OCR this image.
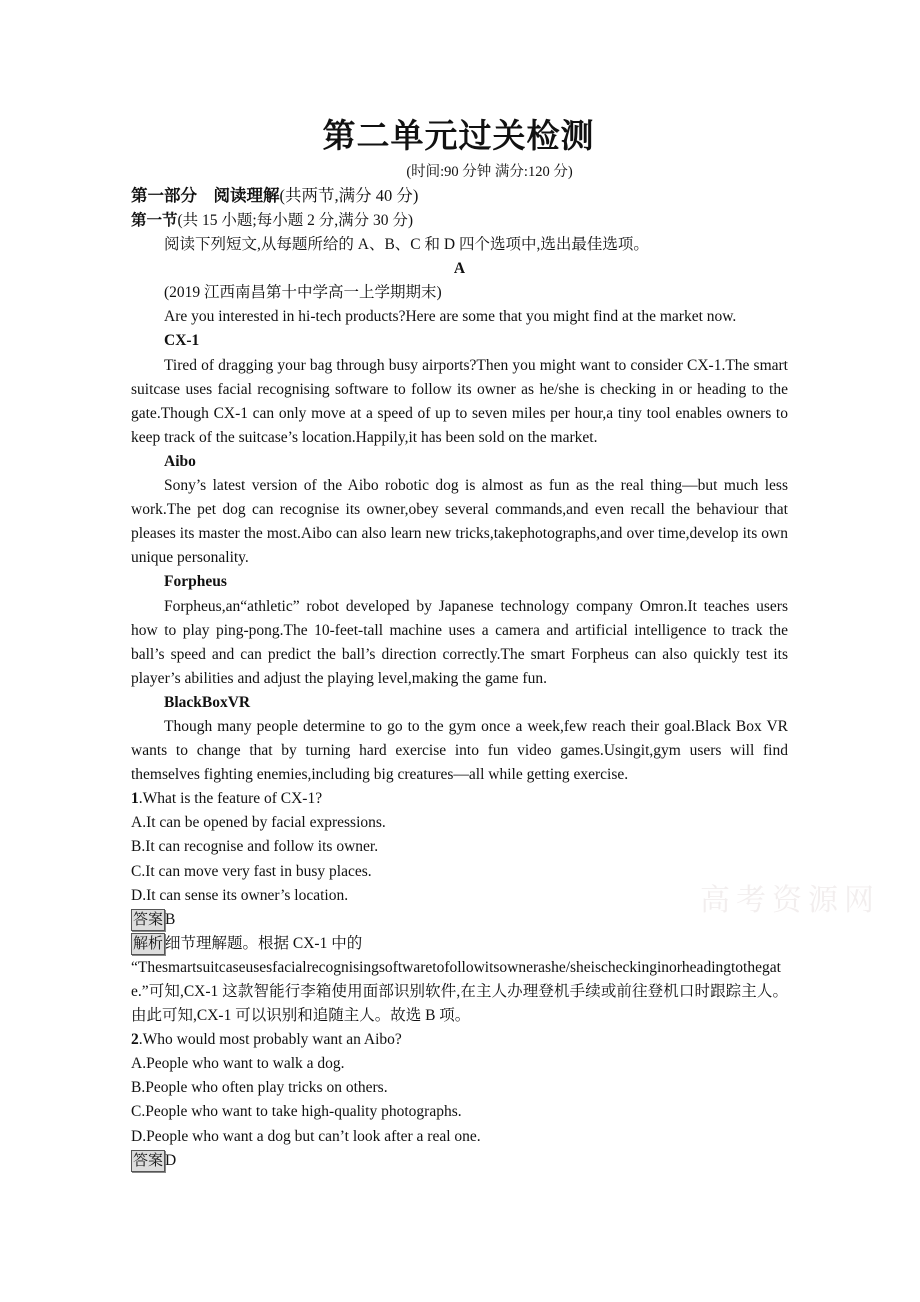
高考资源网
第二单元过关检测
(时间:90 分钟 满分:120 分)
第一部分　阅读理解(共两节,满分 40 分)
第一节(共 15 小题;每小题 2 分,满分 30 分)

阅读下列短文,从每题所给的 A、B、C 和 D 四个选项中,选出最佳选项。

A

(2019 江西南昌第十中学高一上学期期末)

Are you interested in hi-tech products?Here are some that you might find at the market now.

CX-1

Tired of dragging your bag through busy airports?Then you might want to consider CX-1.The smart suitcase uses facial recognising software to follow its owner as he/she is checking in or heading to the gate.Though CX-1 can only move at a speed of up to seven miles per hour,a tiny tool enables owners to keep track of the suitcase’s location.Happily,it has been sold on the market.

Aibo

Sony’s latest version of the Aibo robotic dog is almost as fun as the real thing—but much less work.The pet dog can recognise its owner,obey several commands,and even recall the behaviour that pleases its master the most.Aibo can also learn new tricks,takephotographs,and over time,develop its own unique personality.

Forpheus

Forpheus,an“athletic” robot developed by Japanese technology company Omron.It teaches users how to play ping-pong.The 10-feet-tall machine uses a camera and artificial intelligence to track the ball’s speed and can predict the ball’s direction correctly.The smart Forpheus can also quickly test its player’s abilities and adjust the playing level,making the game fun.

BlackBoxVR

Though many people determine to go to the gym once a week,few reach their goal.Black Box VR wants to change that by turning hard exercise into fun video games.Usingit,gym users will find themselves fighting enemies,including big creatures—all while getting exercise.

1.What is the feature of CX-1?

A.It can be opened by facial expressions.

B.It can recognise and follow its owner.

C.It can move very fast in busy places.

D.It can sense its owner’s location.

答案 B

解析 细节理解题。根据 CX-1 中的

“Thesmartsuitcaseusesfacialrecognisingsoftwaretofollowitsownerashe/sheischeckinginorheadingtothegate.”可知,CX-1 这款智能行李箱使用面部识别软件,在主人办理登机手续或前往登机口时跟踪主人。由此可知,CX-1 可以识别和追随主人。故选 B 项。

2.Who would most probably want an Aibo?

A.People who want to walk a dog.

B.People who often play tricks on others.

C.People who want to take high-quality photographs.

D.People who want a dog but can’t look after a real one.

答案 D
